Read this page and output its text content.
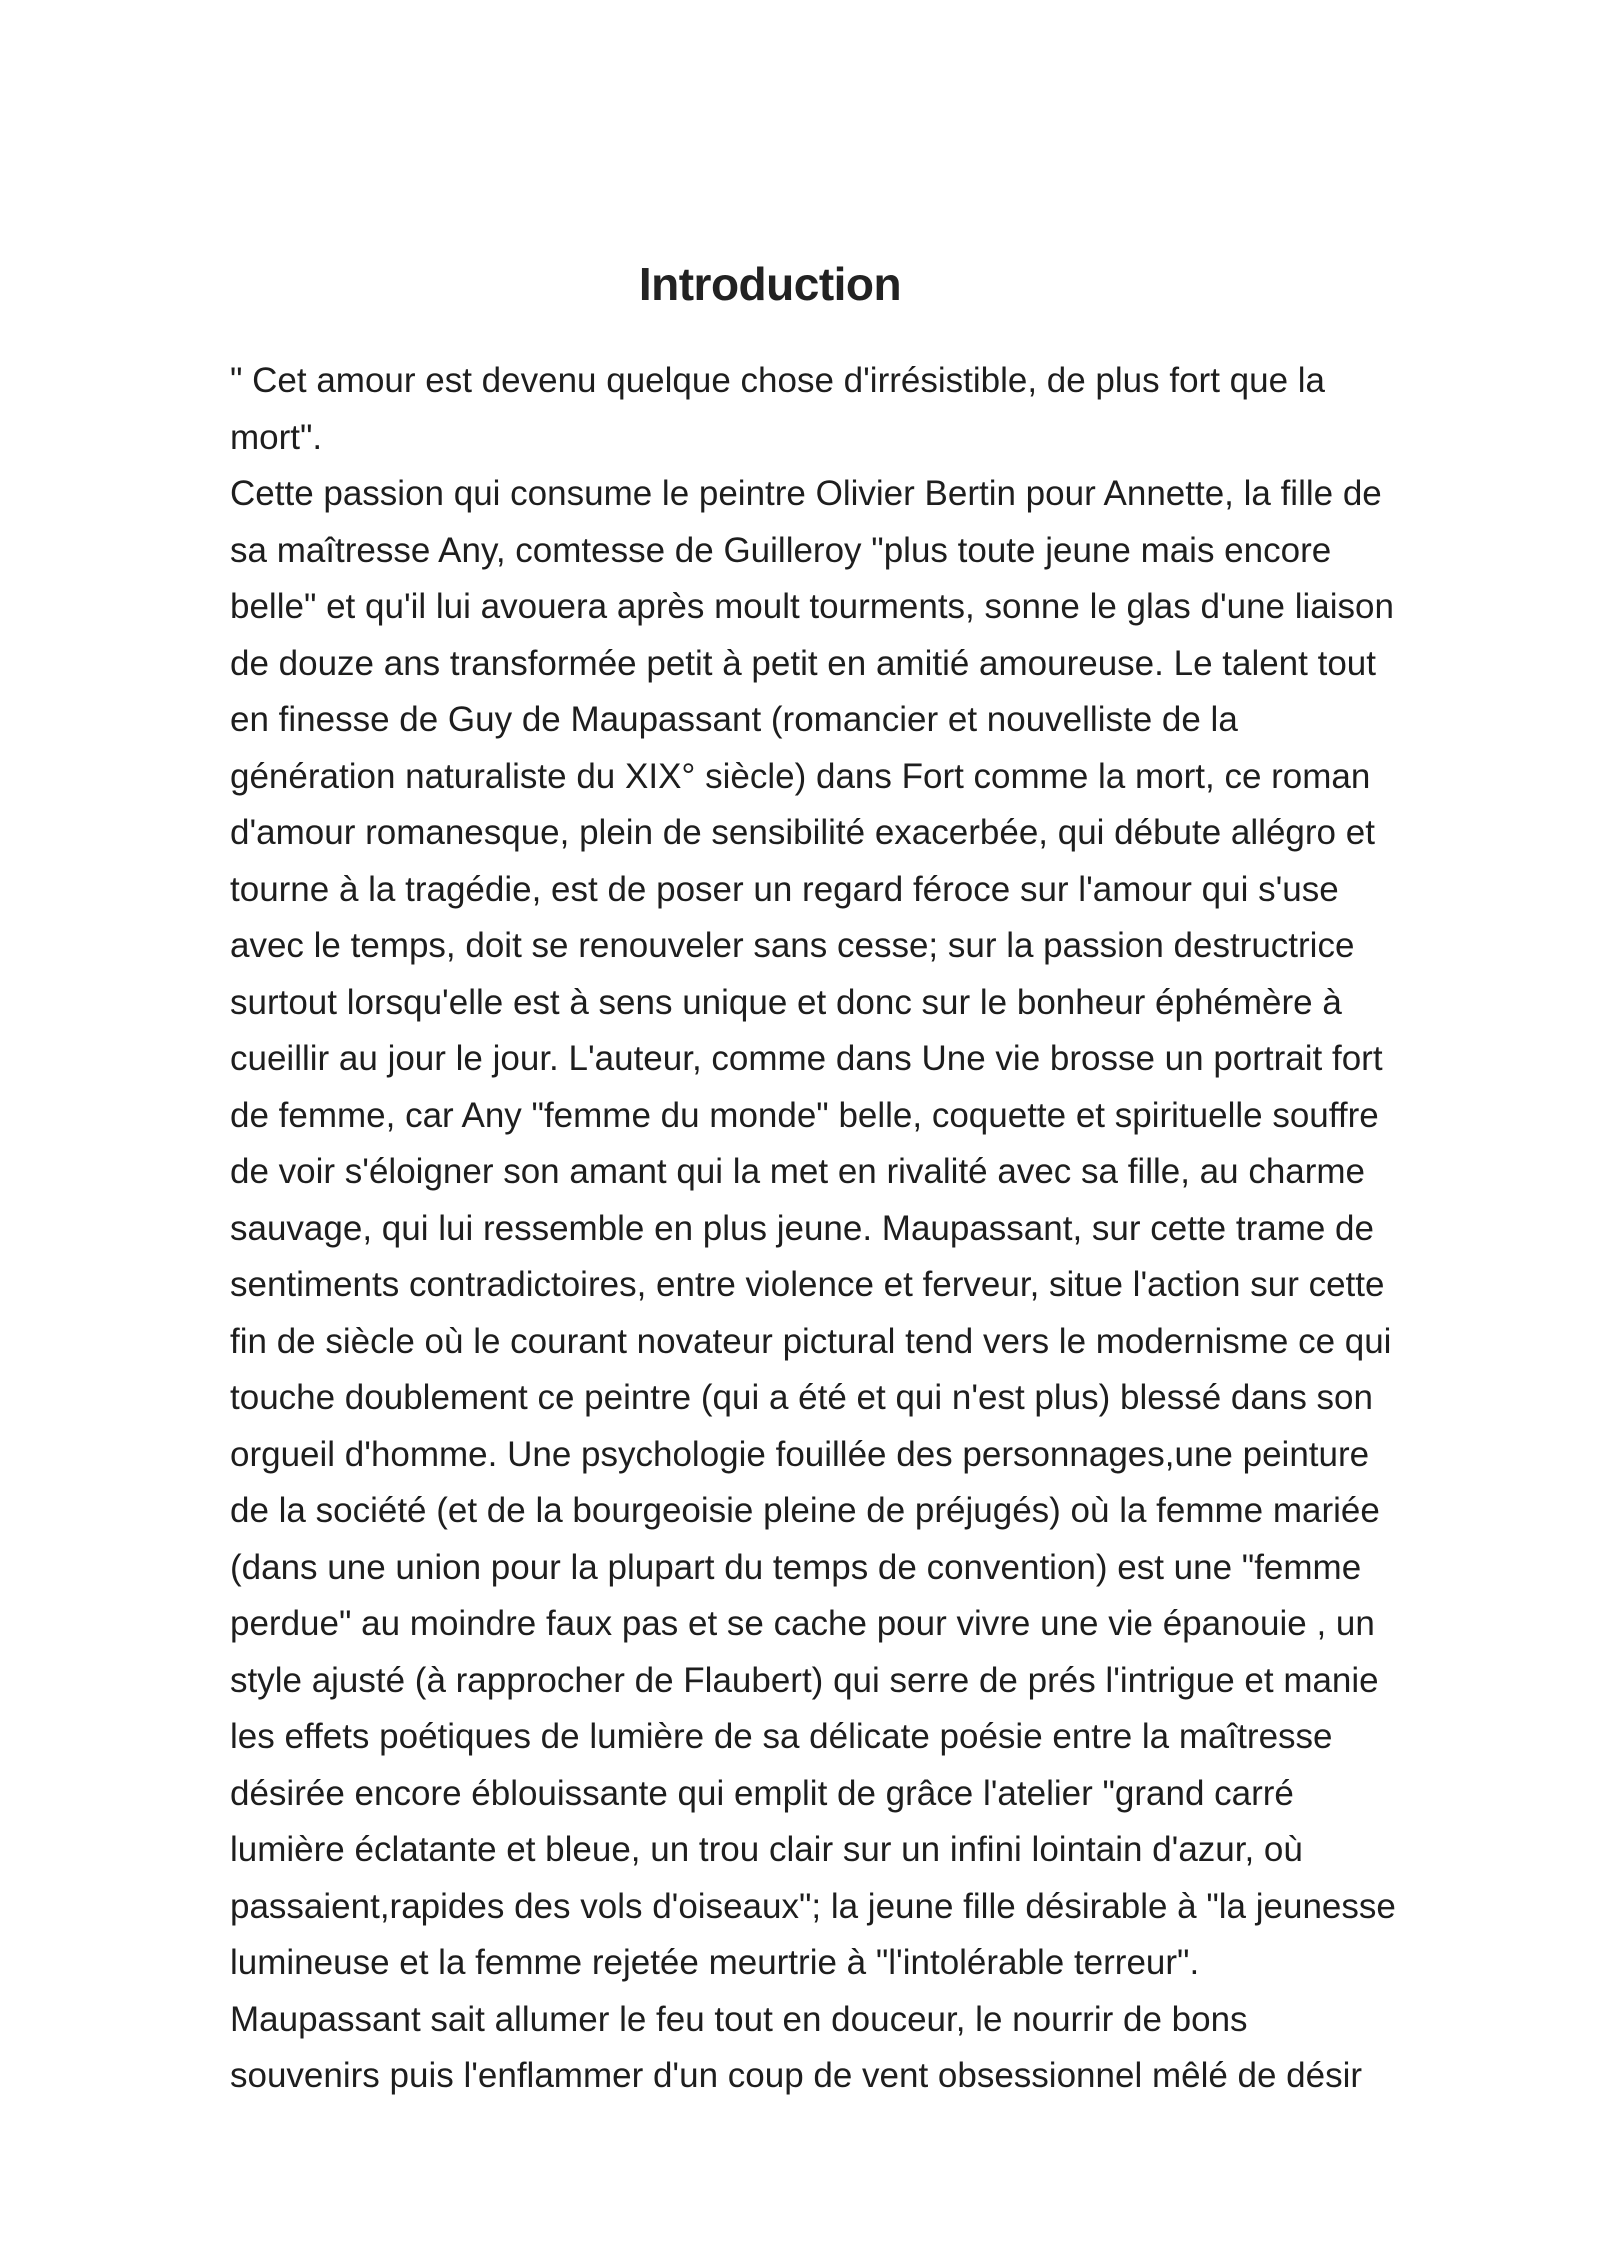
Introduction
" Cet amour est devenu quelque chose d'irrésistible, de plus fort que la
mort".
Cette passion qui consume le peintre Olivier Bertin pour Annette, la fille de
sa maîtresse Any, comtesse de Guilleroy "plus toute jeune mais encore
belle" et qu'il lui avouera après moult tourments, sonne le glas d'une liaison
de douze ans transformée petit à petit en amitié amoureuse. Le talent tout
en finesse de Guy de Maupassant (romancier et nouvelliste de la
génération naturaliste du XIX° siècle) dans Fort comme la mort, ce roman
d'amour romanesque, plein de sensibilité exacerbée, qui débute allégro et
tourne à la tragédie, est de poser un regard féroce sur l'amour qui s'use
avec le temps, doit se renouveler sans cesse; sur la passion destructrice
surtout lorsqu'elle est à sens unique et donc sur le bonheur éphémère à
cueillir au jour le jour. L'auteur, comme dans Une vie brosse un portrait fort
de femme, car Any "femme du monde" belle, coquette et spirituelle souffre
de voir s'éloigner son amant qui la met en rivalité avec sa fille, au charme
sauvage, qui lui ressemble en plus jeune. Maupassant, sur cette trame de
sentiments contradictoires, entre violence et ferveur, situe l'action sur cette
fin de siècle où le courant novateur pictural tend vers le modernisme ce qui
touche doublement ce peintre (qui a été et qui n'est plus) blessé dans son
orgueil d'homme. Une psychologie fouillée des personnages,une peinture
de la société (et de la bourgeoisie pleine de préjugés) où la femme mariée
(dans une union pour la plupart du temps de convention) est une "femme
perdue" au moindre faux pas et se cache pour vivre une vie épanouie , un
style ajusté (à rapprocher de Flaubert) qui serre de prés l'intrigue et manie
les effets poétiques de lumière de sa délicate poésie entre la maîtresse
désirée encore éblouissante qui emplit de grâce l'atelier "grand carré
lumière éclatante et bleue, un trou clair sur un infini lointain d'azur, où
passaient,rapides des vols d'oiseaux"; la jeune fille désirable à "la jeunesse
lumineuse et la femme rejetée meurtrie à "l'intolérable terreur".
Maupassant sait allumer le feu tout en douceur, le nourrir de bons
souvenirs puis l'enflammer d'un coup de vent obsessionnel mêlé de désir
